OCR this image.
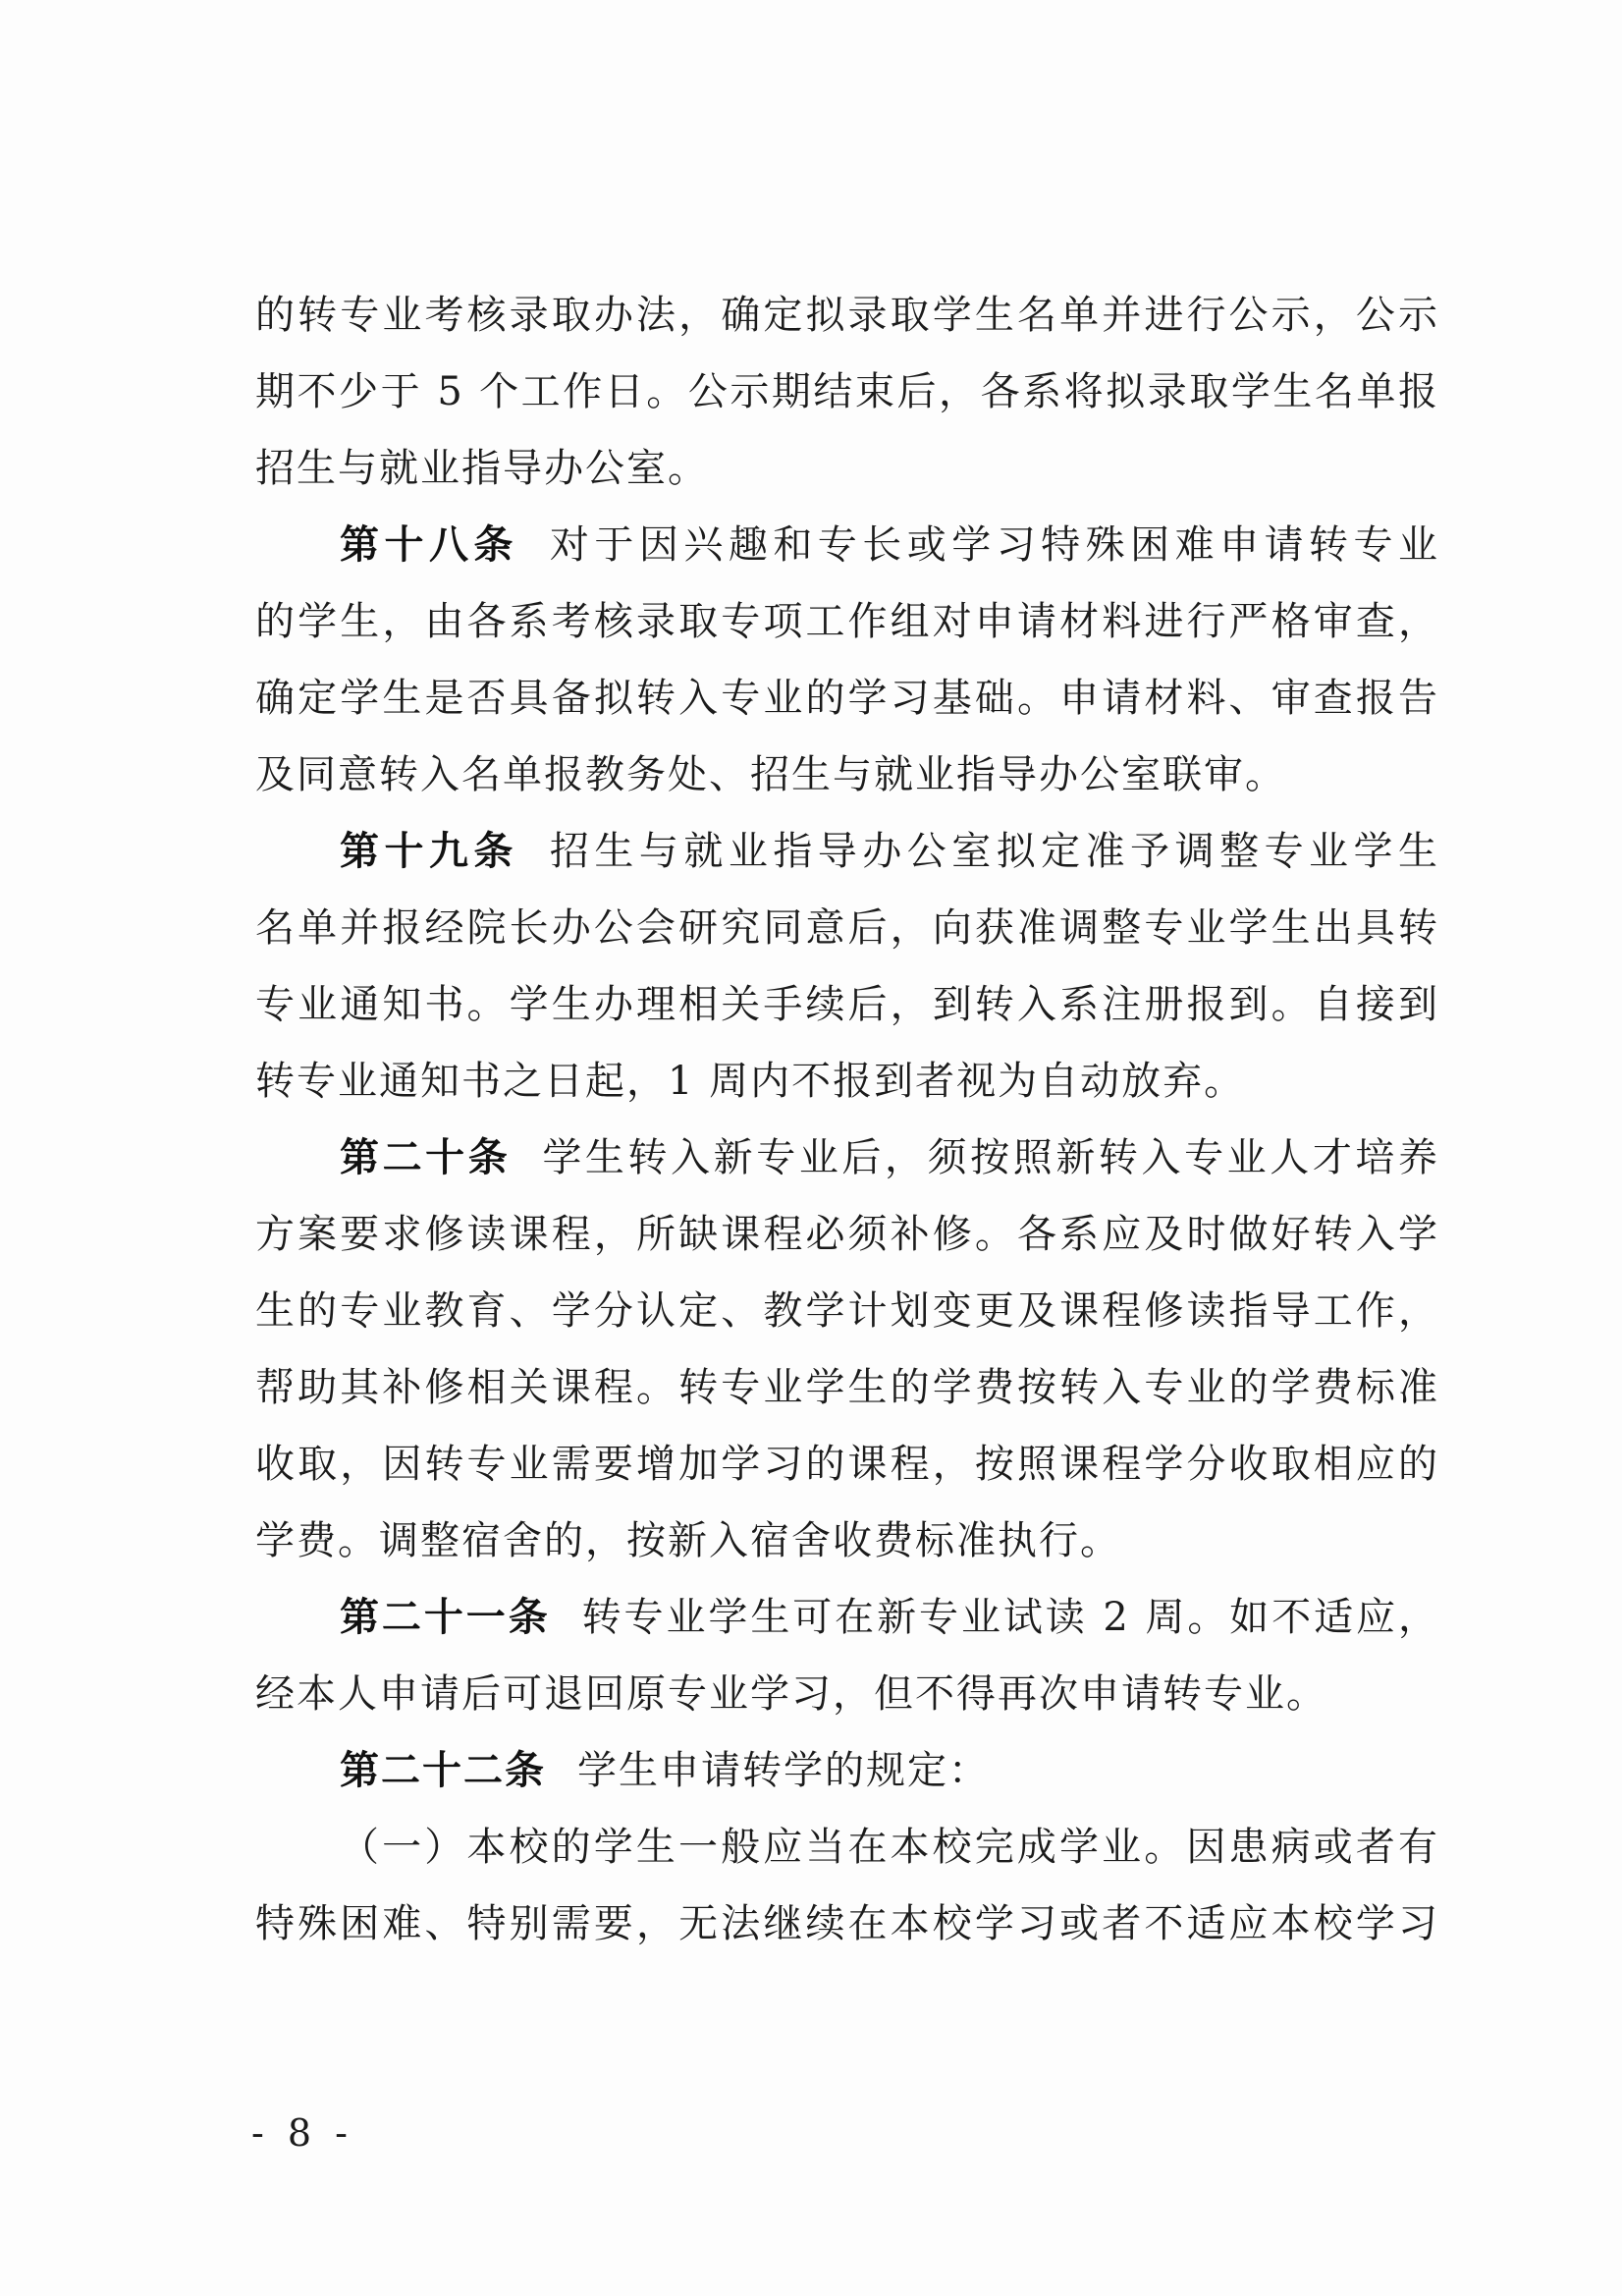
的转专业考核录取办法，确定拟录取学生名单并进行公示，公示
期不少于 5 个工作日。公示期结束后，各系将拟录取学生名单报
招生与就业指导办公室。
第十八条 对于因兴趣和专长或学习特殊困难申请转专业
的学生，由各系考核录取专项工作组对申请材料进行严格审查，
确定学生是否具备拟转入专业的学习基础。申请材料、审查报告
及同意转入名单报教务处、招生与就业指导办公室联审。
第十九条 招生与就业指导办公室拟定准予调整专业学生
名单并报经院长办公会研究同意后，向获准调整专业学生出具转
专业通知书。学生办理相关手续后，到转入系注册报到。自接到
转专业通知书之日起，1 周内不报到者视为自动放弃。
第二十条 学生转入新专业后，须按照新转入专业人才培养
方案要求修读课程，所缺课程必须补修。各系应及时做好转入学
生的专业教育、学分认定、教学计划变更及课程修读指导工作，
帮助其补修相关课程。转专业学生的学费按转入专业的学费标准
收取，因转专业需要增加学习的课程，按照课程学分收取相应的
学费。调整宿舍的，按新入宿舍收费标准执行。
第二十一条 转专业学生可在新专业试读 2 周。如不适应，
经本人申请后可退回原专业学习，但不得再次申请转专业。
第二十二条 学生申请转学的规定：
（一）本校的学生一般应当在本校完成学业。因患病或者有
特殊困难、特别需要，无法继续在本校学习或者不适应本校学习
- 8 -
